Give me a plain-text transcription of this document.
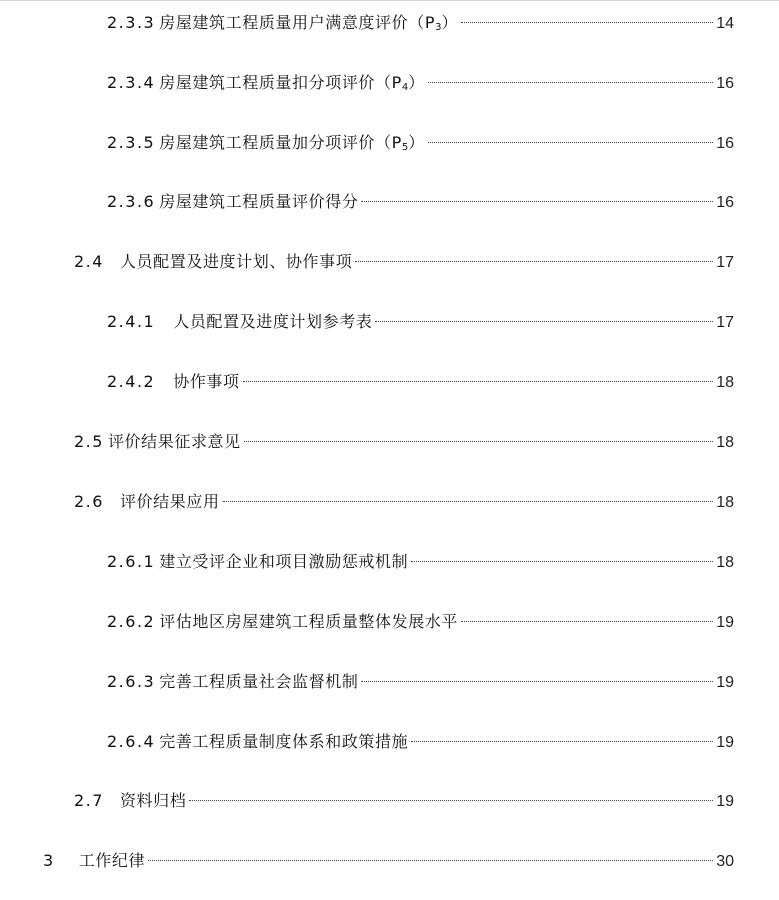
2.3.3 房屋建筑工程质量用户满意度评价$(P_3)$	14
2.3.4 房屋建筑工程质量扣分项评价$(P_4)$	16
2.3.5 房屋建筑工程质量加分项评价$(P_5)$	16
2.3.6 房屋建筑工程质量评价得分	16
2.4 人员配置及进度计划、协作事项	17
2.4.1 人员配置及进度计划参考表	17
2.4.2 协作事项	18
2.5 评价结果征求意见	18
2.6 评价结果应用	18
2.6.1 建立受评企业和项目激励惩戒机制	18
2.6.2 评估地区房屋建筑工程质量整体发展水平	19
2.6.3 完善工程质量社会监督机制	19
2.6.4 完善工程质量制度体系和政策措施	19
2.7 资料归档	19
3 工作纪律	30
